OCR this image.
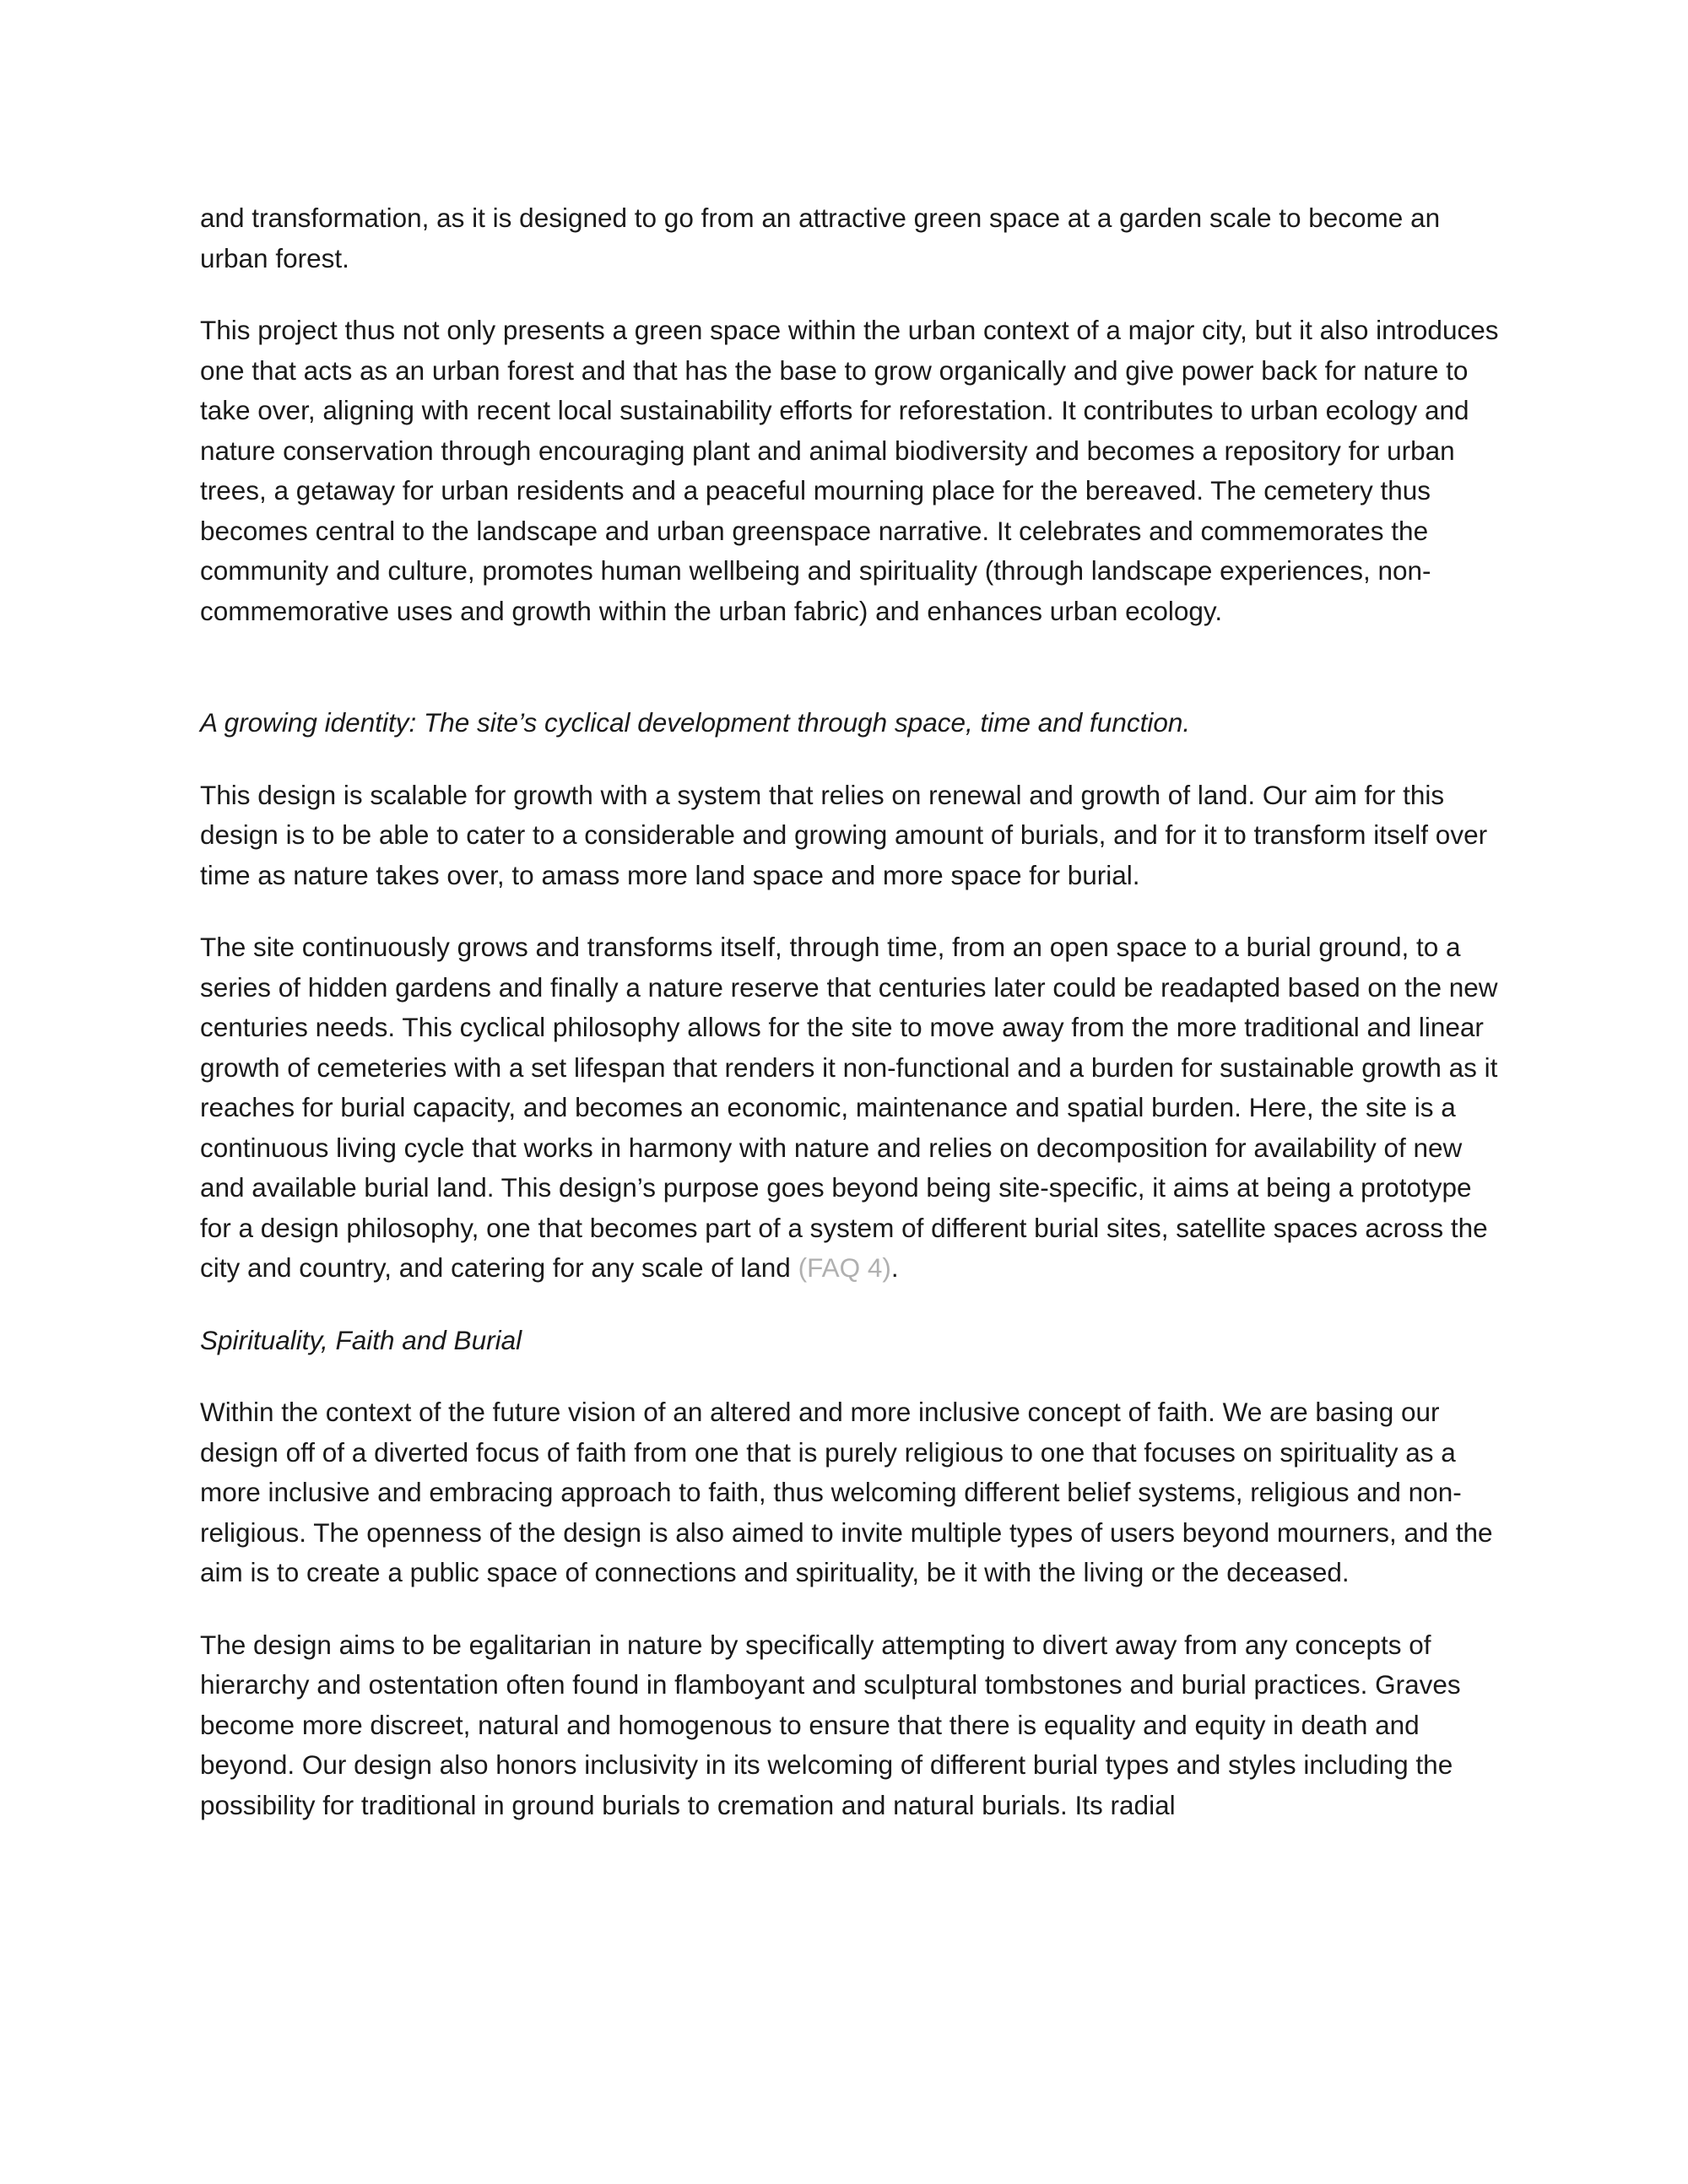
and transformation, as it is designed to go from an attractive green space at a garden scale to become an urban forest.

This project thus not only presents a green space within the urban context of a major city, but it also introduces one that acts as an urban forest and that has the base to grow organically and give power back for nature to take over, aligning with recent local sustainability efforts for reforestation. It contributes to urban ecology and nature conservation through encouraging plant and animal biodiversity and becomes a repository for urban trees, a getaway for urban residents and a peaceful mourning place for the bereaved. The cemetery thus becomes central to the landscape and urban greenspace narrative. It celebrates and commemorates the community and culture, promotes human wellbeing and spirituality (through landscape experiences, non-commemorative uses and growth within the urban fabric) and enhances urban ecology.

A growing identity: The site’s cyclical development through space, time and function.

This design is scalable for growth with a system that relies on renewal and growth of land. Our aim for this design is to be able to cater to a considerable and growing amount of burials, and for it to transform itself over time as nature takes over, to amass more land space and more space for burial.

The site continuously grows and transforms itself, through time, from an open space to a burial ground, to a series of hidden gardens and finally a nature reserve that centuries later could be readapted based on the new centuries needs. This cyclical philosophy allows for the site to move away from the more traditional and linear growth of cemeteries with a set lifespan that renders it non-functional and a burden for sustainable growth as it reaches for burial capacity, and becomes an economic, maintenance and spatial burden. Here, the site is a continuous living cycle that works in harmony with nature and relies on decomposition for availability of new and available burial land. This design’s purpose goes beyond being site-specific, it aims at being a prototype for a design philosophy, one that becomes part of a system of different burial sites, satellite spaces across the city and country, and catering for any scale of land (FAQ 4).

Spirituality, Faith and Burial

Within the context of the future vision of an altered and more inclusive concept of faith. We are basing our design off of a diverted focus of faith from one that is purely religious to one that focuses on spirituality as a more inclusive and embracing approach to faith, thus welcoming different belief systems, religious and non-religious. The openness of the design is also aimed to invite multiple types of users beyond mourners, and the aim is to create a public space of connections and spirituality, be it with the living or the deceased.

The design aims to be egalitarian in nature by specifically attempting to divert away from any concepts of hierarchy and ostentation often found in flamboyant and sculptural tombstones and burial practices. Graves become more discreet, natural and homogenous to ensure that there is equality and equity in death and beyond. Our design also honors inclusivity in its welcoming of different burial types and styles including the possibility for traditional in ground burials to cremation and natural burials. Its radial
